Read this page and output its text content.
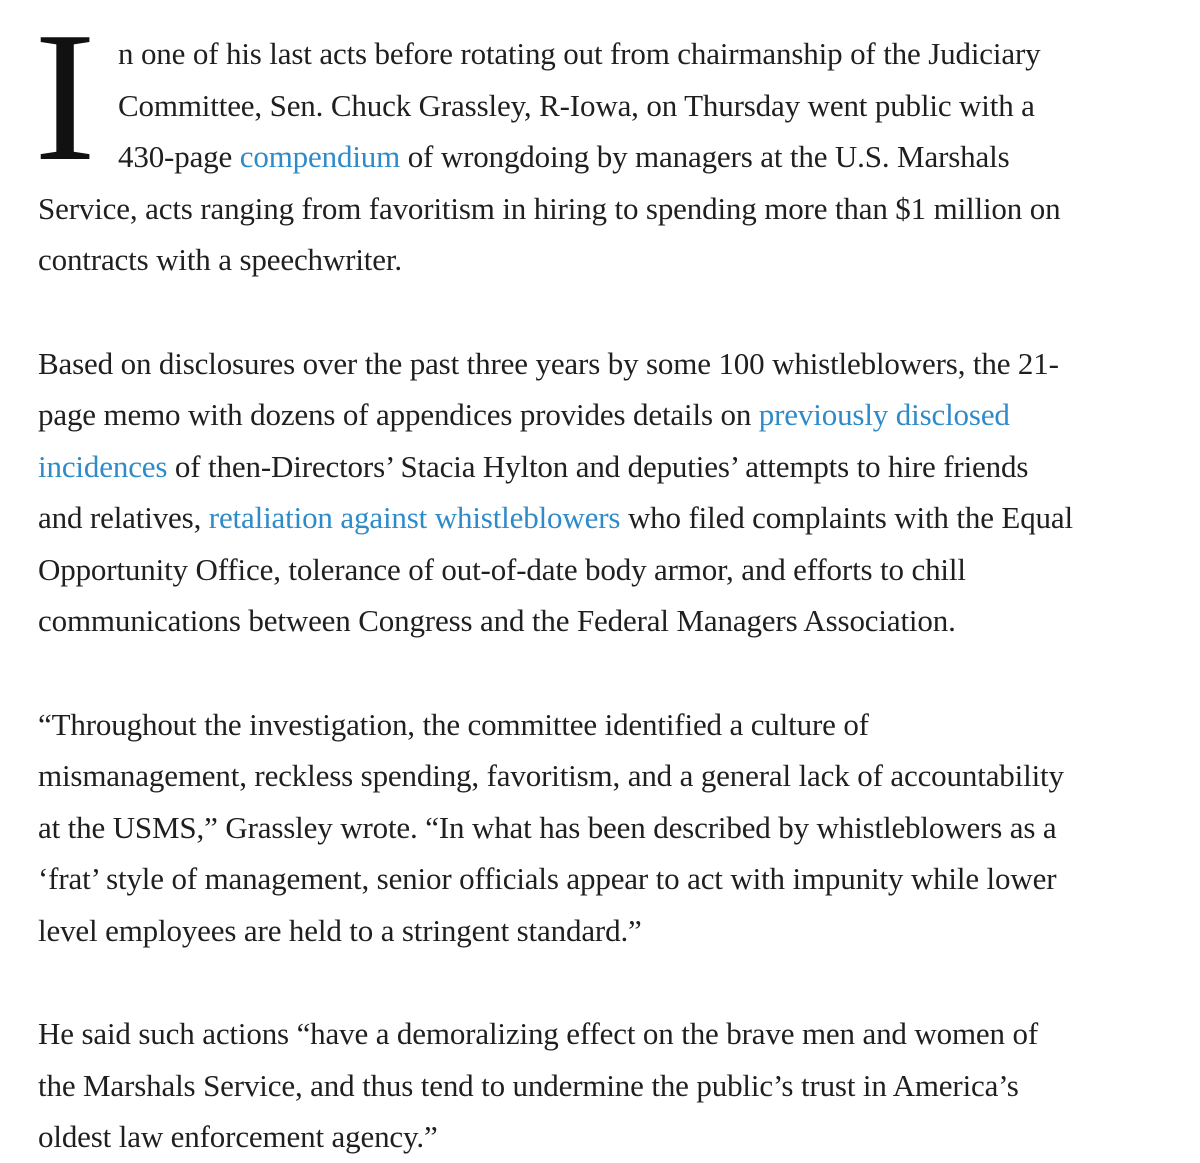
I n one of his last acts before rotating out from chairmanship of the Judiciary
Committee, Sen. Chuck Grassley, R-Iowa, on Thursday went public with a
430-page compendium of wrongdoing by managers at the U.S. Marshals
Service, acts ranging from favoritism in hiring to spending more than $1 million on
contracts with a speechwriter.

Based on disclosures over the past three years by some 100 whistleblowers, the 21-
page memo with dozens of appendices provides details on previously disclosed
incidences of then-Directors’ Stacia Hylton and deputies’ attempts to hire friends
and relatives, retaliation against whistleblowers who filed complaints with the Equal
Opportunity Office, tolerance of out-of-date body armor, and efforts to chill
communications between Congress and the Federal Managers Association.

“Throughout the investigation, the committee identified a culture of
mismanagement, reckless spending, favoritism, and a general lack of accountability
at the USMS,” Grassley wrote. “In what has been described by whistleblowers as a
‘frat’ style of management, senior officials appear to act with impunity while lower
level employees are held to a stringent standard.”

He said such actions “have a demoralizing effect on the brave men and women of
the Marshals Service, and thus tend to undermine the public’s trust in America’s
oldest law enforcement agency.”
